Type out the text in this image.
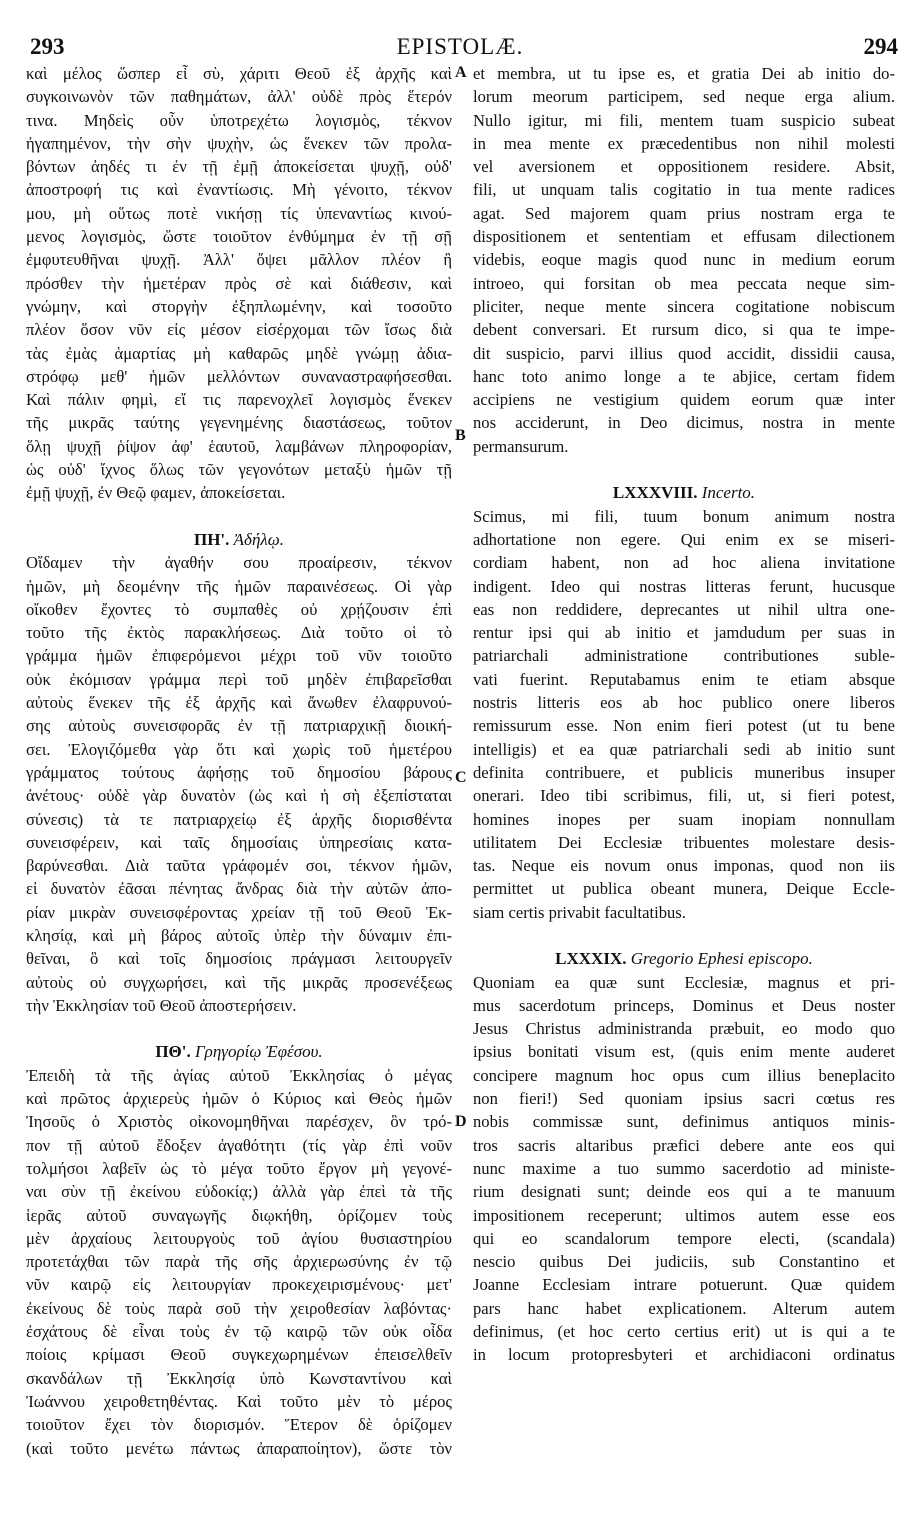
293	EPISTOLÆ.	294
καὶ μέλος ὥσπερ εἶ σὺ, χάριτι Θεοῦ ἐξ ἀρχῆς καὶ
συγκοινωνὸν τῶν παθημάτων, ἀλλ' οὐδὲ πρὸς ἕτερόν
τινα. Μηδεὶς οὖν ὑποτρεχέτω λογισμὸς, τέκνον
ἠγαπημένον, τὴν σὴν ψυχὴν, ὡς ἕνεκεν τῶν προλα-
βόντων ἀηδές τι ἐν τῇ ἐμῇ ἀποκείσεται ψυχῇ, οὐδ'
ἀποστροφή τις καὶ ἐναντίωσις. Μὴ γένοιτο, τέκνον
μου, μὴ οὕτως ποτὲ νικήσῃ τίς ὑπεναντίως κινού-
μενος λογισμὸς, ὥστε τοιοῦτον ἐνθύμημα ἐν τῇ σῇ
ἐμφυτευθῆναι ψυχῇ. Ἀλλ' ὄψει μᾶλλον πλέον ἢ
πρόσθεν τὴν ἡμετέραν πρὸς σὲ καὶ διάθεσιν, καὶ
γνώμην, καὶ στοργὴν ἐξηπλωμένην, καὶ τοσοῦτο
πλέον ὅσον νῦν εἰς μέσον εἰσέρχομαι τῶν ἴσως διὰ
τὰς ἐμὰς ἁμαρτίας μὴ καθαρῶς μηδὲ γνώμῃ ἀδια-
στρόφῳ μεθ' ἡμῶν μελλόντων συναναστραφήσεσθαι.
Καὶ πάλιν φημὶ, εἴ τις παρενοχλεῖ λογισμὸς ἕνεκεν
τῆς μικρᾶς ταύτης γεγενημένης διαστάσεως, τοῦτον
ὅλῃ ψυχῇ ῥίψον ἀφ' ἑαυτοῦ, λαμβάνων πληροφορίαν,
ὡς οὐδ' ἴχνος ὅλως τῶν γεγονότων μεταξὺ ἡμῶν τῇ
ἐμῇ ψυχῇ, ἐν Θεῷ φαμεν, ἀποκείσεται.
ΠΗ'. Ἀδήλῳ.
Οἴδαμεν τὴν ἀγαθήν σου προαίρεσιν, τέκνον
ἡμῶν, μὴ δεομένην τῆς ἡμῶν παραινέσεως. Οἱ γὰρ
οἴκοθεν ἔχοντες τὸ συμπαθὲς οὐ χρῄζουσιν ἐπὶ
τοῦτο τῆς ἐκτὸς παρακλήσεως. Διὰ τοῦτο οἱ τὸ
γράμμα ἡμῶν ἐπιφερόμενοι μέχρι τοῦ νῦν τοιοῦτο
οὐκ ἐκόμισαν γράμμα περὶ τοῦ μηδὲν ἐπιβαρεῖσθαι
αὐτοὺς ἕνεκεν τῆς ἐξ ἀρχῆς καὶ ἄνωθεν ἐλαφρυνού-
σης αὐτοὺς συνεισφορᾶς ἐν τῇ πατριαρχικῇ διοική-
σει. Ἐλογιζόμεθα γὰρ ὅτι καὶ χωρὶς τοῦ ἡμετέρου
γράμματος τούτους ἀφήσῃς τοῦ δημοσίου βάρους
ἀνέτους· οὐδὲ γὰρ δυνατὸν (ὡς καὶ ἡ σὴ ἐξεπίσταται
σύνεσις) τὰ τε πατριαρχείῳ ἐξ ἀρχῆς διορισθέντα
συνεισφέρειν, καὶ ταῖς δημοσίαις ὑπηρεσίαις κατα-
βαρύνεσθαι. Διὰ ταῦτα γράφομέν σοι, τέκνον ἡμῶν,
εἰ δυνατὸν ἐᾶσαι πένητας ἄνδρας διὰ τὴν αὐτῶν ἀπο-
ρίαν μικρὰν συνεισφέροντας χρείαν τῇ τοῦ Θεοῦ Ἐκ-
κλησίᾳ, καὶ μὴ βάρος αὐτοῖς ὑπὲρ τὴν δύναμιν ἐπι-
θεῖναι, ὃ καὶ τοῖς δημοσίοις πράγμασι λειτουργεῖν
αὐτοὺς οὐ συγχωρήσει, καὶ τῆς μικρᾶς προσενέξεως
τὴν Ἐκκλησίαν τοῦ Θεοῦ ἀποστερήσειν.
ΠΘ'. Γρηγορίῳ Ἐφέσου.
Ἐπειδὴ τὰ τῆς ἁγίας αὐτοῦ Ἐκκλησίας ὁ μέγας
καὶ πρῶτος ἀρχιερεὺς ἡμῶν ὁ Κύριος καὶ Θεὸς ἡμῶν
Ἰησοῦς ὁ Χριστὸς οἰκονομηθῆναι παρέσχεν, ὃν τρό-
πον τῇ αὐτοῦ ἔδοξεν ἀγαθότητι (τίς γὰρ ἐπὶ νοῦν
τολμήσοι λαβεῖν ὡς τὸ μέγα τοῦτο ἔργον μὴ γεγονέ-
ναι σὺν τῇ ἐκείνου εὐδοκίᾳ;) ἀλλὰ γὰρ ἐπεὶ τὰ τῆς
ἱερᾶς αὐτοῦ συναγωγῆς διῳκήθη, ὁρίζομεν τοὺς
μὲν ἀρχαίους λειτουργοὺς τοῦ ἁγίου θυσιαστηρίου
προτετάχθαι τῶν παρὰ τῆς σῆς ἀρχιερωσύνης ἐν τῷ
νῦν καιρῷ εἰς λειτουργίαν προκεχειρισμένους· μετ'
ἐκείνους δὲ τοὺς παρὰ σοῦ τὴν χειροθεσίαν λαβόντας·
ἐσχάτους δὲ εἶναι τοὺς ἐν τῷ καιρῷ τῶν οὐκ οἶδα
ποίοις κρίμασι Θεοῦ συγκεχωρημένων ἐπεισελθεῖν
σκανδάλων τῇ Ἐκκλησίᾳ ὑπὸ Κωνσταντίνου καὶ
Ἰωάννου χειροθετηθέντας. Καὶ τοῦτο μὲν τὸ μέρος
τοιοῦτον ἔχει τὸν διορισμόν. Ἕτερον δὲ ὁρίζομεν
(καὶ τοῦτο μενέτω πάντως ἀπαραποίητον), ὥστε τὸν
et membra, ut tu ipse es, et gratia Dei ab initio do-
lorum meorum participem, sed neque erga alium.
Nullo igitur, mi fili, mentem tuam suspicio subeat
in mea mente ex præcedentibus non nihil molesti
vel aversionem et oppositionem residere. Absit,
fili, ut unquam talis cogitatio in tua mente radices
agat. Sed majorem quam prius nostram erga te
dispositionem et sententiam et effusam dilectionem
videbis, eoque magis quod nunc in medium eorum
introeo, qui forsitan ob mea peccata neque sim-
pliciter, neque mente sincera cogitatione nobiscum
debent conversari. Et rursum dico, si qua te impe-
dit suspicio, parvi illius quod accidit, dissidii causa,
hanc toto animo longe a te abjice, certam fidem
accipiens ne vestigium quidem eorum quæ inter
nos acciderunt, in Deo dicimus, nostra in mente
permansurum.
LXXXVIII. Incerto.
Scimus, mi fili, tuum bonum animum nostra
adhortatione non egere. Qui enim ex se miseri-
cordiam habent, non ad hoc aliena invitatione
indigent. Ideo qui nostras litteras ferunt, hucusque
eas non reddidere, deprecantes ut nihil ultra one-
rentur ipsi qui ab initio et jamdudum per suas in
patriarchali administratione contributiones suble-
vati fuerint. Reputabamus enim te etiam absque
nostris litteris eos ab hoc publico onere liberos
remissurum esse. Non enim fieri potest (ut tu bene
intelligis) et ea quæ patriarchali sedi ab initio sunt
definita contribuere, et publicis muneribus insuper
onerari. Ideo tibi scribimus, fili, ut, si fieri potest,
homines inopes per suam inopiam nonnullam
utilitatem Dei Ecclesiæ tribuentes molestare desis-
tas. Neque eis novum onus imponas, quod non iis
permittet ut publica obeant munera, Deique Eccle-
siam certis privabit facultatibus.
LXXXIX. Gregorio Ephesi episcopo.
Quoniam ea quæ sunt Ecclesiæ, magnus et pri-
mus sacerdotum princeps, Dominus et Deus noster
Jesus Christus administranda præbuit, eo modo quo
ipsius bonitati visum est, (quis enim mente auderet
concipere magnum hoc opus cum illius beneplacito
non fieri!) Sed quoniam ipsius sacri cœtus res
nobis commissæ sunt, definimus antiquos minis-
tros sacris altaribus præfici debere ante eos qui
nunc maxime a tuo summo sacerdotio ad ministe-
rium designati sunt; deinde eos qui a te manuum
impositionem receperunt; ultimos autem esse eos
qui eo scandalorum tempore electi, (scandala)
nescio quibus Dei judiciis, sub Constantino et
Joanne Ecclesiam intrare potuerunt. Quæ quidem
pars hanc habet explicationem. Alterum autem
definimus, (et hoc certo certius erit) ut is qui a te
in locum protopresbyteri et archidiaconi ordinatus
A
B
C
D
